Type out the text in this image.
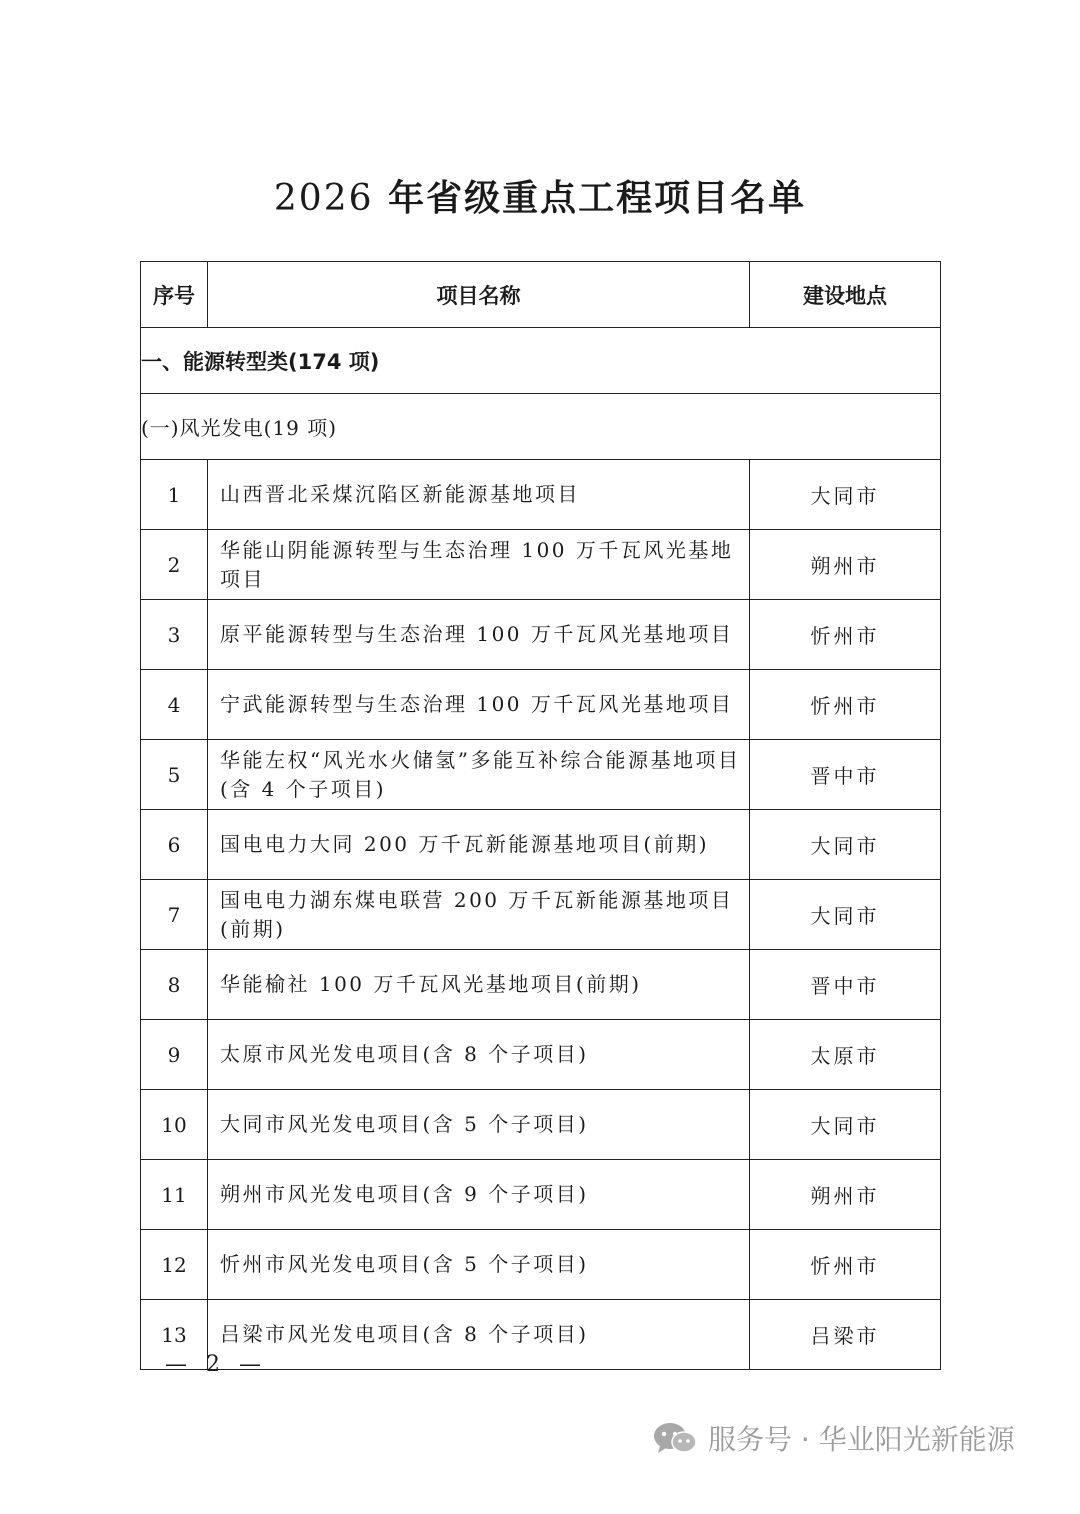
2026 年省级重点工程项目名单
序号	项目名称	建设地点
一、能源转型类(174 项)		
(一)风光发电(19 项)		
1	山西晋北采煤沉陷区新能源基地项目	大同市
2	华能山阴能源转型与生态治理 100 万千瓦风光基地项目	朔州市
3	原平能源转型与生态治理 100 万千瓦风光基地项目	忻州市
4	宁武能源转型与生态治理 100 万千瓦风光基地项目	忻州市
5	华能左权“风光水火储氢”多能互补综合能源基地项目(含 4 个子项目)	晋中市
6	国电电力大同 200 万千瓦新能源基地项目(前期)	大同市
7	国电电力湖东煤电联营 200 万千瓦新能源基地项目(前期)	大同市
8	华能榆社 100 万千瓦风光基地项目(前期)	晋中市
9	太原市风光发电项目(含 8 个子项目)	太原市
10	大同市风光发电项目(含 5 个子项目)	大同市
11	朔州市风光发电项目(含 9 个子项目)	朔州市
12	忻州市风光发电项目(含 5 个子项目)	忻州市
13	吕梁市风光发电项目(含 8 个子项目)	吕梁市
— 2 —
服务号 · 华业阳光新能源
